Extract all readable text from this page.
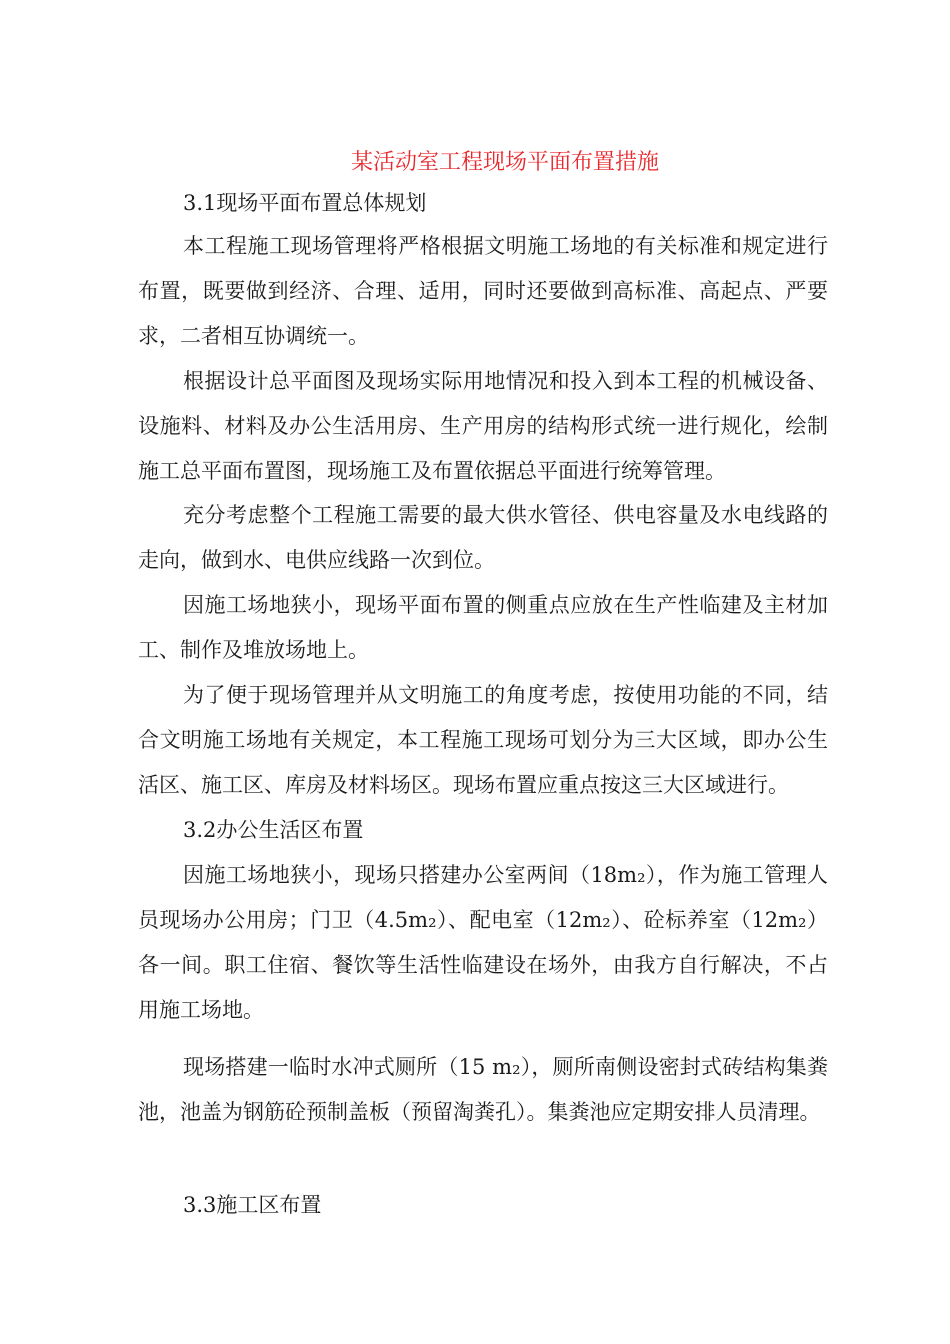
某活动室工程现场平面布置措施
3.1现场平面布置总体规划
本工程施工现场管理将严格根据文明施工场地的有关标准和规定进行布置，既要做到经济、合理、适用，同时还要做到高标准、高起点、严要求，二者相互协调统一。
根据设计总平面图及现场实际用地情况和投入到本工程的机械设备、设施料、材料及办公生活用房、生产用房的结构形式统一进行规化，绘制施工总平面布置图，现场施工及布置依据总平面进行统筹管理。
充分考虑整个工程施工需要的最大供水管径、供电容量及水电线路的走向，做到水、电供应线路一次到位。
因施工场地狭小，现场平面布置的侧重点应放在生产性临建及主材加工、制作及堆放场地上。
为了便于现场管理并从文明施工的角度考虑，按使用功能的不同，结合文明施工场地有关规定，本工程施工现场可划分为三大区域，即办公生活区、施工区、库房及材料场区。现场布置应重点按这三大区域进行。
3.2办公生活区布置
因施工场地狭小，现场只搭建办公室两间（18m₂），作为施工管理人员现场办公用房；门卫（4.5m₂）、配电室（12m₂）、砼标养室（12m₂）各一间。职工住宿、餐饮等生活性临建设在场外，由我方自行解决，不占用施工场地。
现场搭建一临时水冲式厕所（15 m₂），厕所南侧设密封式砖结构集粪池，池盖为钢筋砼预制盖板（预留淘粪孔）。集粪池应定期安排人员清理。
3.3施工区布置
